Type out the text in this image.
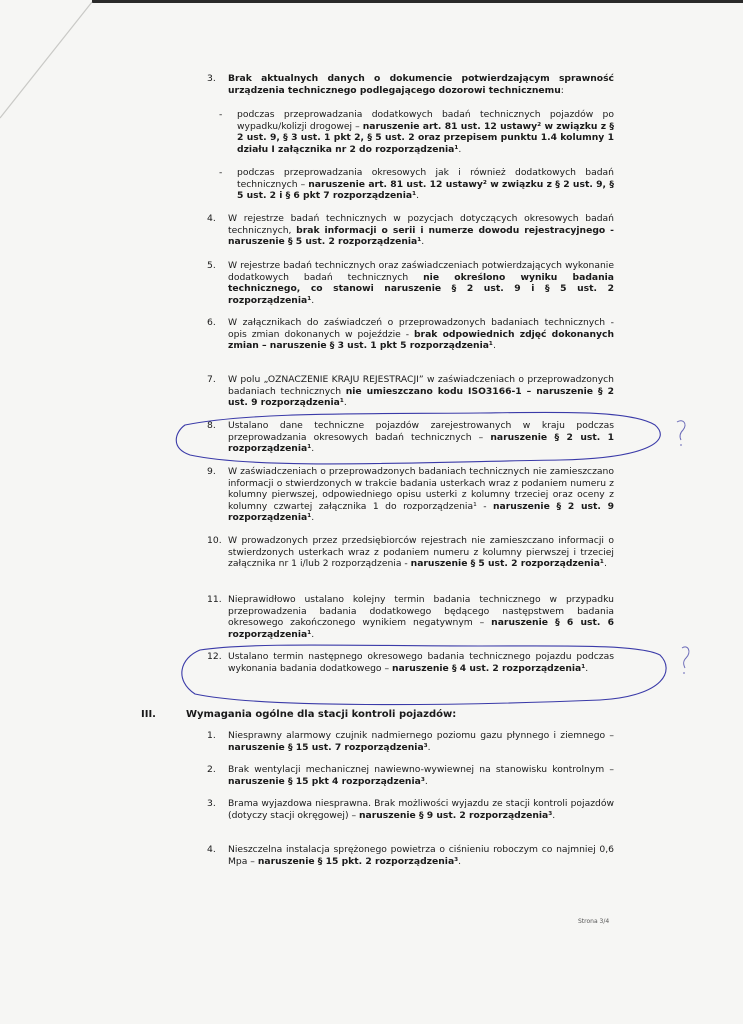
3. Brak aktualnych danych o dokumencie potwierdzającym sprawność urządzenia technicznego podlegającego dozorowi technicznemu:
- podczas przeprowadzania dodatkowych badań technicznych pojazdów po wypadku/kolizji drogowej – naruszenie art. 81 ust. 12 ustawy² w związku z § 2 ust. 9, § 3 ust. 1 pkt 2, § 5 ust. 2 oraz przepisem punktu 1.4 kolumny 1 działu I załącznika nr 2 do rozporządzenia¹.
- podczas przeprowadzania okresowych jak i również dodatkowych badań technicznych – naruszenie art. 81 ust. 12 ustawy² w związku z § 2 ust. 9, § 5 ust. 2 i § 6 pkt 7 rozporządzenia¹.
4. W rejestrze badań technicznych w pozycjach dotyczących okresowych badań technicznych, brak informacji o serii i numerze dowodu rejestracyjnego - naruszenie § 5 ust. 2 rozporządzenia¹.
5. W rejestrze badań technicznych oraz zaświadczeniach potwierdzających wykonanie dodatkowych badań technicznych nie określono wyniku badania technicznego, co stanowi naruszenie § 2 ust. 9 i § 5 ust. 2 rozporządzenia¹.
6. W załącznikach do zaświadczeń o przeprowadzonych badaniach technicznych - opis zmian dokonanych w pojeździe - brak odpowiednich zdjęć dokonanych zmian – naruszenie § 3 ust. 1 pkt 5 rozporządzenia¹.
7. W polu „OZNACZENIE KRAJU REJESTRACJI” w zaświadczeniach o przeprowadzonych badaniach technicznych nie umieszczano kodu ISO3166-1 – naruszenie § 2 ust. 9 rozporządzenia¹.
8. Ustalano dane techniczne pojazdów zarejestrowanych w kraju podczas przeprowadzania okresowych badań technicznych – naruszenie § 2 ust. 1 rozporządzenia¹.
9. W zaświadczeniach o przeprowadzonych badaniach technicznych nie zamieszczano informacji o stwierdzonych w trakcie badania usterkach wraz z podaniem numeru z kolumny pierwszej, odpowiedniego opisu usterki z kolumny trzeciej oraz oceny z kolumny czwartej załącznika 1 do rozporządzenia¹ - naruszenie § 2 ust. 9 rozporządzenia¹.
10. W prowadzonych przez przedsiębiorców rejestrach nie zamieszczano informacji o stwierdzonych usterkach wraz z podaniem numeru z kolumny pierwszej i trzeciej załącznika nr 1 i/lub 2 rozporządzenia - naruszenie § 5 ust. 2 rozporządzenia¹.
11. Nieprawidłowo ustalano kolejny termin badania technicznego w przypadku przeprowadzenia badania dodatkowego będącego następstwem badania okresowego zakończonego wynikiem negatywnym – naruszenie § 6 ust. 6 rozporządzenia¹.
12. Ustalano termin następnego okresowego badania technicznego pojazdu podczas wykonania badania dodatkowego – naruszenie § 4 ust. 2 rozporządzenia¹.
III.	Wymagania ogólne dla stacji kontroli pojazdów:
1. Niesprawny alarmowy czujnik nadmiernego poziomu gazu płynnego i ziemnego – naruszenie § 15 ust. 7 rozporządzenia³.
2. Brak wentylacji mechanicznej nawiewno-wywiewnej na stanowisku kontrolnym – naruszenie § 15 pkt 4 rozporządzenia³.
3. Brama wyjazdowa niesprawna. Brak możliwości wyjazdu ze stacji kontroli pojazdów (dotyczy stacji okręgowej) – naruszenie § 9 ust. 2 rozporządzenia³.
4. Nieszczelna instalacja sprężonego powietrza o ciśnieniu roboczym co najmniej 0,6 Mpa – naruszenie § 15 pkt. 2 rozporządzenia³.
Strona 3/4
